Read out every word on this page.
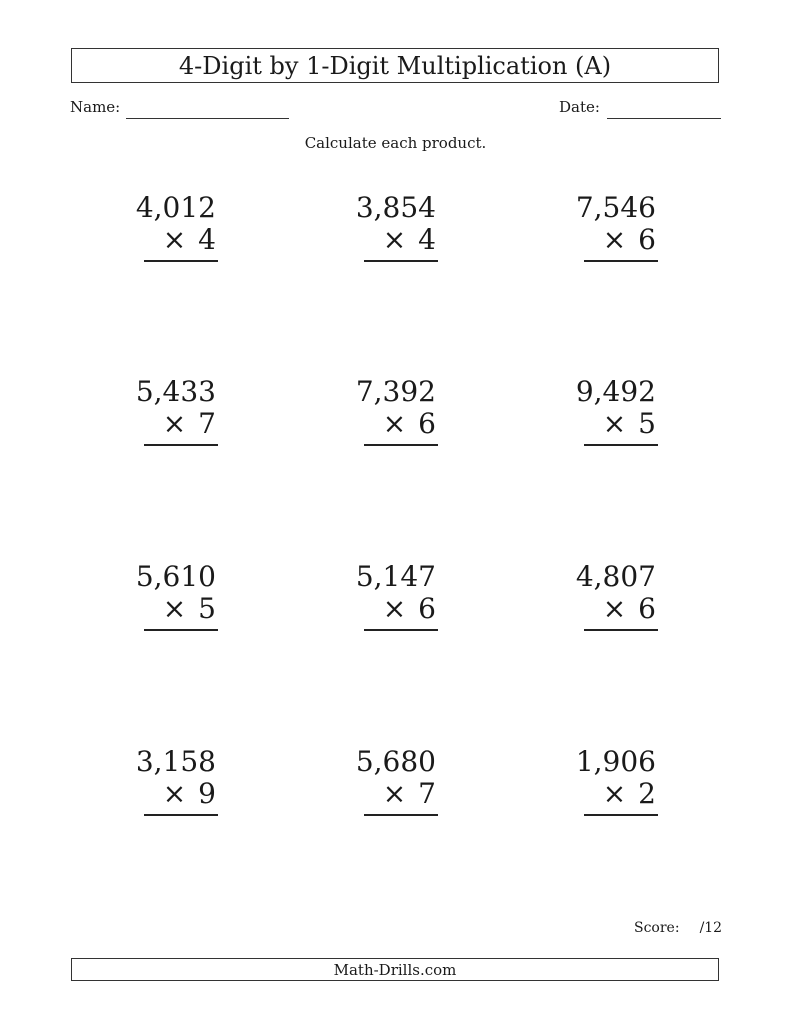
4-Digit by 1-Digit Multiplication (A)
Name:	Date:
Calculate each product.
4,012
× 4
3,854
× 4
7,546
× 6
5,433
× 7
7,392
× 6
9,492
× 5
5,610
× 5
5,147
× 6
4,807
× 6
3,158
× 9
5,680
× 7
1,906
× 2
Score: /12
Math-Drills.com
